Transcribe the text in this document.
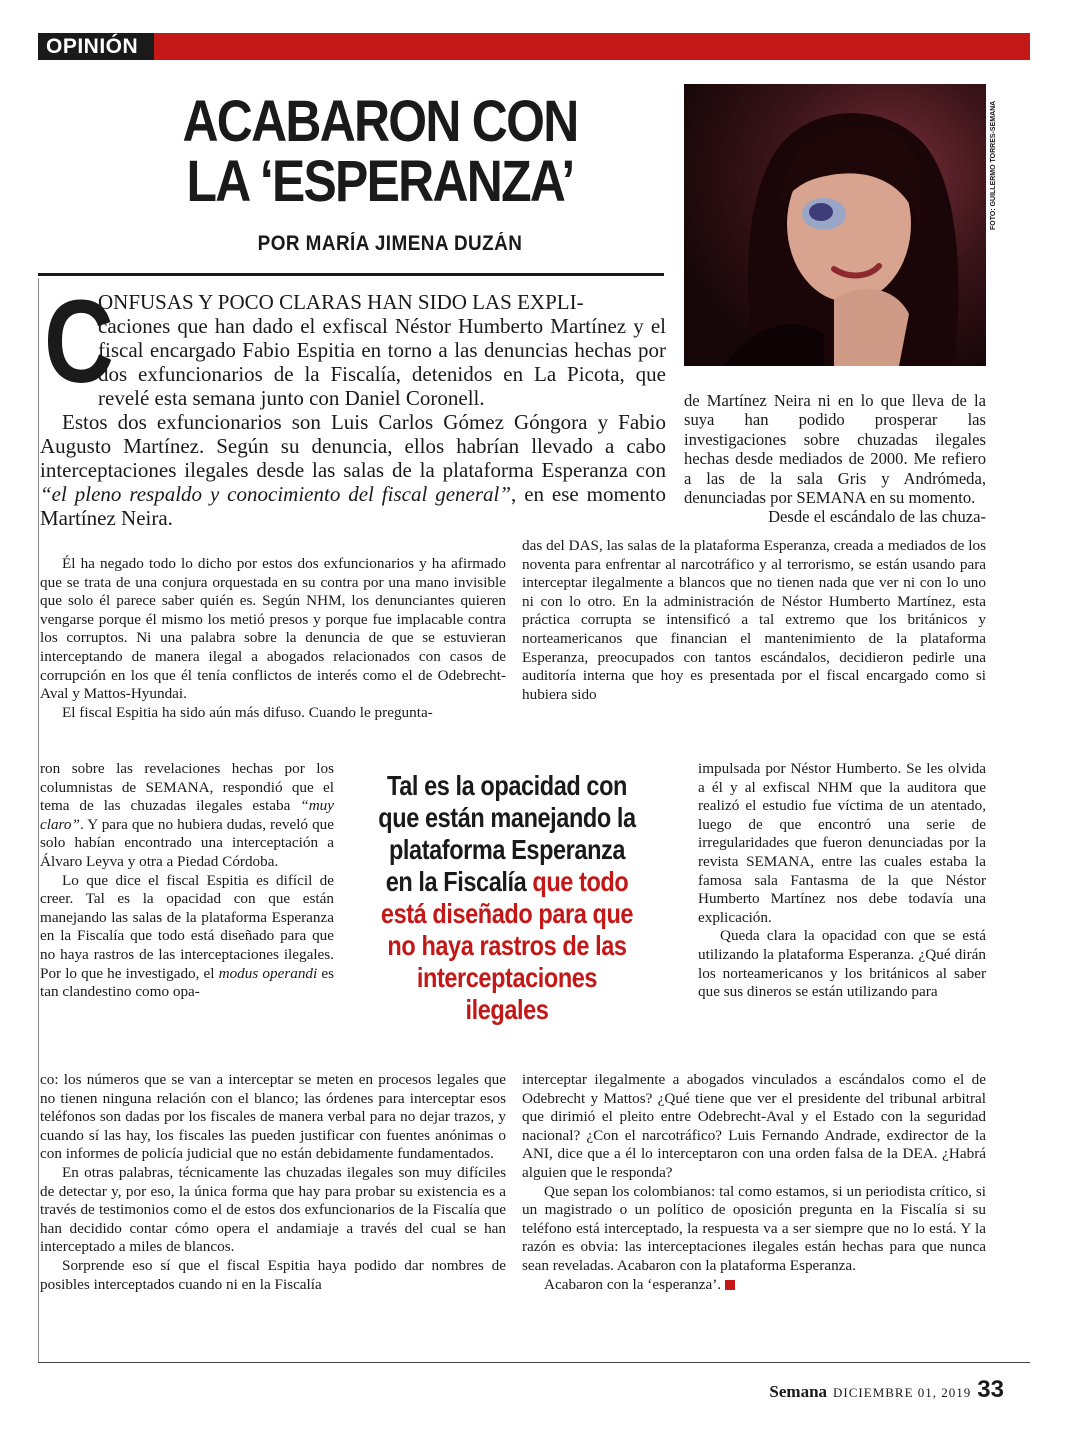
OPINIÓN
ACABARON CON
LA ‘ESPERANZA’
POR MARÍA JIMENA DUZÁN
FOTO: GUILLERMO TORRES-SEMANA
C

ONFUSAS Y POCO CLARAS HAN SIDO LAS EXPLI-

caciones que han dado el exfiscal Néstor Humberto Martínez y el fiscal encargado Fabio Espitia en torno a las denuncias hechas por dos exfuncionarios de la Fiscalía, detenidos en La Picota, que revelé esta semana junto con Daniel Coronell.

Estos dos exfuncionarios son Luis Carlos Gómez Góngora y Fabio Augusto Martínez. Según su denuncia, ellos habrían llevado a cabo interceptaciones ilegales desde las salas de la plataforma Esperanza con “el pleno respaldo y conocimiento del fiscal general”, en ese momento Martínez Neira.

de Martínez Neira ni en lo que lleva de la suya han podido prosperar las investigaciones sobre chuzadas ilegales hechas desde mediados de 2000. Me refiero a las de la sala Gris y Andrómeda, denunciadas por SEMANA en su momento.

Desde el escándalo de las chuza-

Él ha negado todo lo dicho por estos dos exfuncionarios y ha afirmado que se trata de una conjura orquestada en su contra por una mano invisible que solo él parece saber quién es. Según NHM, los denunciantes quieren vengarse porque él mismo los metió presos y porque fue implacable contra los corruptos. Ni una palabra sobre la denuncia de que se estuvieran interceptando de manera ilegal a abogados relacionados con casos de corrupción en los que él tenía conflictos de interés como el de Odebrecht-Aval y Mattos-Hyundai.

El fiscal Espitia ha sido aún más difuso. Cuando le pregunta-

ron sobre las revelaciones hechas por los columnistas de SEMANA, respondió que el tema de las chuzadas ilegales estaba “muy claro”. Y para que no hubiera dudas, reveló que solo habían encontrado una interceptación a Álvaro Leyva y otra a Piedad Córdoba.

Lo que dice el fiscal Espitia es difícil de creer. Tal es la opacidad con que están manejando las salas de la plataforma Esperanza en la Fiscalía que todo está diseñado para que no haya rastros de las interceptaciones ilegales. Por lo que he investigado, el modus operandi es tan clandestino como opa-

co: los números que se van a interceptar se meten en procesos legales que no tienen ninguna relación con el blanco; las órdenes para interceptar esos teléfonos son dadas por los fiscales de manera verbal para no dejar trazos, y cuando sí las hay, los fiscales las pueden justificar con fuentes anónimas o con informes de policía judicial que no están debidamente fundamentados.

En otras palabras, técnicamente las chuzadas ilegales son muy difíciles de detectar y, por eso, la única forma que hay para probar su existencia es a través de testimonios como el de estos dos exfuncionarios de la Fiscalía que han decidido contar cómo opera el andamiaje a través del cual se han interceptado a miles de blancos.

Sorprende eso sí que el fiscal Espitia haya podido dar nombres de posibles interceptados cuando ni en la Fiscalía

Tal es la opacidad con que están manejando la plataforma Esperanza en la Fiscalía que todo está diseñado para que no haya rastros de las interceptaciones ilegales

das del DAS, las salas de la plataforma Esperanza, creada a mediados de los noventa para enfrentar al narcotráfico y al terrorismo, se están usando para interceptar ilegalmente a blancos que no tienen nada que ver ni con lo uno ni con lo otro. En la administración de Néstor Humberto Martínez, esta práctica corrupta se intensificó a tal extremo que los británicos y norteamericanos que financian el mantenimiento de la plataforma Esperanza, preocupados con tantos escándalos, decidieron pedirle una auditoría interna que hoy es presentada por el fiscal encargado como si hubiera sido

impulsada por Néstor Humberto. Se les olvida a él y al exfiscal NHM que la auditora que realizó el estudio fue víctima de un atentado, luego de que encontró una serie de irregularidades que fueron denunciadas por la revista SEMANA, entre las cuales estaba la famosa sala Fantasma de la que Néstor Humberto Martínez nos debe todavía una explicación.

Queda clara la opacidad con que se está utilizando la plataforma Esperanza. ¿Qué dirán los norteamericanos y los británicos al saber que sus dineros se están utilizando para

interceptar ilegalmente a abogados vinculados a escándalos como el de Odebrecht y Mattos? ¿Qué tiene que ver el presidente del tribunal arbitral que dirimió el pleito entre Odebrecht-Aval y el Estado con la seguridad nacional? ¿Con el narcotráfico? Luis Fernando Andrade, exdirector de la ANI, dice que a él lo interceptaron con una orden falsa de la DEA. ¿Habrá alguien que le responda?

Que sepan los colombianos: tal como estamos, si un periodista crítico, si un magistrado o un político de oposición pregunta en la Fiscalía si su teléfono está interceptado, la respuesta va a ser siempre que no lo está. Y la razón es obvia: las interceptaciones ilegales están hechas para que nunca sean reveladas. Acabaron con la plataforma Esperanza.

Acabaron con la ‘esperanza’.

Semana DICIEMBRE 01, 2019 33
